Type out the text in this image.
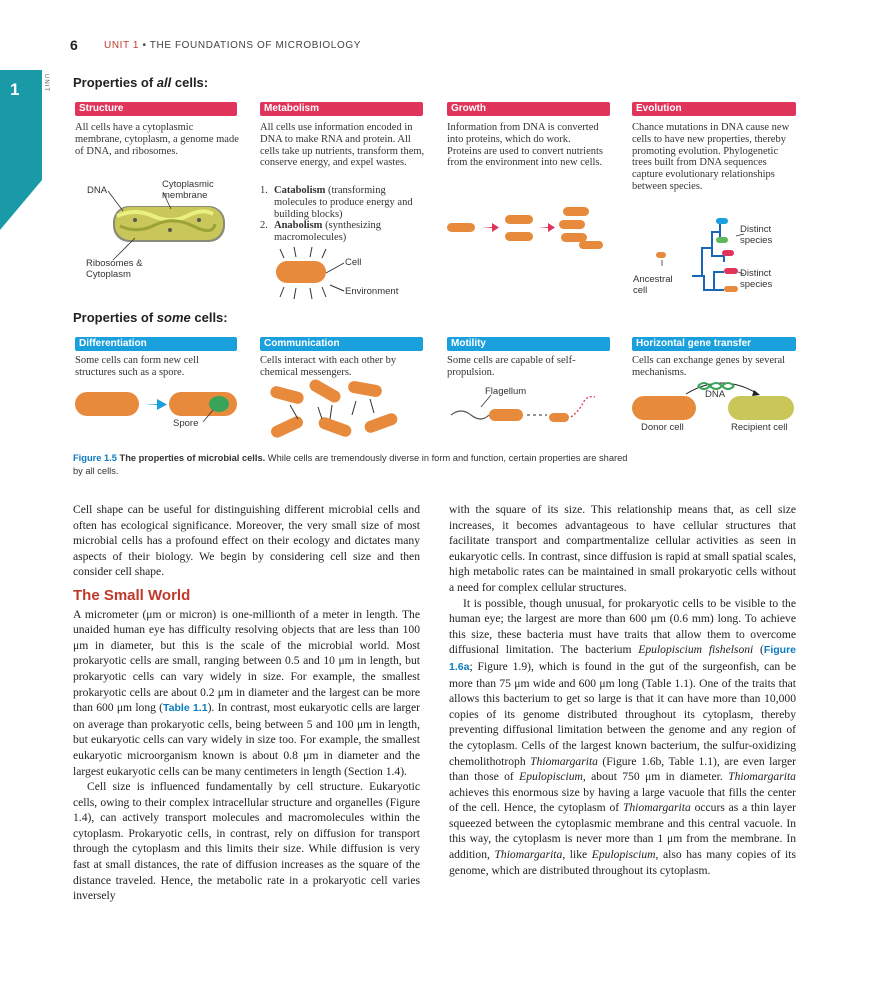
6	UNIT 1 • THE FOUNDATIONS OF MICROBIOLOGY
1	UNIT Properties of all cells:
Structure	Metabolism	Growth	Evolution
All cells have a cytoplasmic membrane, cytoplasm, a genome made of DNA, and ribosomes.
All cells use information encoded in DNA to make RNA and protein. All cells take up nutrients, transform them, conserve energy, and expel wastes.
Information from DNA is converted into proteins, which do work. Proteins are used to convert nutrients from the environment into new cells.
Chance mutations in DNA cause new cells to have new properties, thereby promoting evolution. Phylogenetic trees built from DNA sequences capture evolutionary relationships between species.
1. Catabolism (transforming molecules to produce energy and building blocks)
2. Anabolism (synthesizing macromolecules)
DNA
Cytoplasmic membrane
Ribosomes & Cytoplasm
Cell
Environment
Distinct species
Distinct species
Ancestral cell
Properties of some cells:
Differentiation	Communication	Motility	Horizontal gene transfer
Some cells can form new cell structures such as a spore.
Cells interact with each other by chemical messengers.
Some cells are capable of self-propulsion.
Cells can exchange genes by several mechanisms.
Spore
Flagellum	DNA
Donor cell	Recipient cell
Figure 1.5 The properties of microbial cells. While cells are tremendously diverse in form and function, certain properties are shared by all cells.

Cell shape can be useful for distinguishing different microbial cells and often has ecological significance. Moreover, the very small size of most microbial cells has a profound effect on their ecology and dictates many aspects of their biology. We begin by considering cell size and then consider cell shape.

The Small World

A micrometer (μm or micron) is one-millionth of a meter in length. The unaided human eye has difficulty resolving objects that are less than 100 μm in diameter, but this is the scale of the microbial world. Most prokaryotic cells are small, ranging between 0.5 and 10 μm in length, but prokaryotic cells can vary widely in size. For example, the smallest prokaryotic cells are about 0.2 μm in diameter and the largest can be more than 600 μm long (Table 1.1). In contrast, most eukaryotic cells are larger on average than prokaryotic cells, being between 5 and 100 μm in length, but eukaryotic cells can vary widely in size too. For example, the smallest eukaryotic microorganism known is about 0.8 μm in diameter and the largest eukaryotic cells can be many centimeters in length (Section 1.4).

Cell size is influenced fundamentally by cell structure. Eukaryotic cells, owing to their complex intracellular structure and organelles (Figure 1.4), can actively transport molecules and macromolecules within the cytoplasm. Prokaryotic cells, in contrast, rely on diffusion for transport through the cytoplasm and this limits their size. While diffusion is very fast at small distances, the rate of diffusion increases as the square of the distance traveled. Hence, the metabolic rate in a prokaryotic cell varies inversely

with the square of its size. This relationship means that, as cell size increases, it becomes advantageous to have cellular structures that facilitate transport and compartmentalize cellular activities as seen in eukaryotic cells. In contrast, since diffusion is rapid at small spatial scales, high metabolic rates can be maintained in small prokaryotic cells without a need for complex cellular structures.

It is possible, though unusual, for prokaryotic cells to be visible to the human eye; the largest are more than 600 μm (0.6 mm) long. To achieve this size, these bacteria must have traits that allow them to overcome diffusional limitation. The bacterium Epulopiscium fishelsoni (Figure 1.6a; Figure 1.9), which is found in the gut of the surgeonfish, can be more than 75 μm wide and 600 μm long (Table 1.1). One of the traits that allows this bacterium to get so large is that it can have more than 10,000 copies of its genome distributed throughout its cytoplasm, thereby preventing diffusional limitation between the genome and any region of the cytoplasm. Cells of the largest known bacterium, the sulfur-oxidizing chemolithotroph Thiomargarita (Figure 1.6b, Table 1.1), are even larger than those of Epulopiscium, about 750 μm in diameter. Thiomargarita achieves this enormous size by having a large vacuole that fills the center of the cell. Hence, the cytoplasm of Thiomargarita occurs as a thin layer squeezed between the cytoplasmic membrane and this central vacuole. In this way, the cytoplasm is never more than 1 μm from the membrane. In addition, Thiomargarita, like Epulopiscium, also has many copies of its genome, which are distributed throughout its cytoplasm.
